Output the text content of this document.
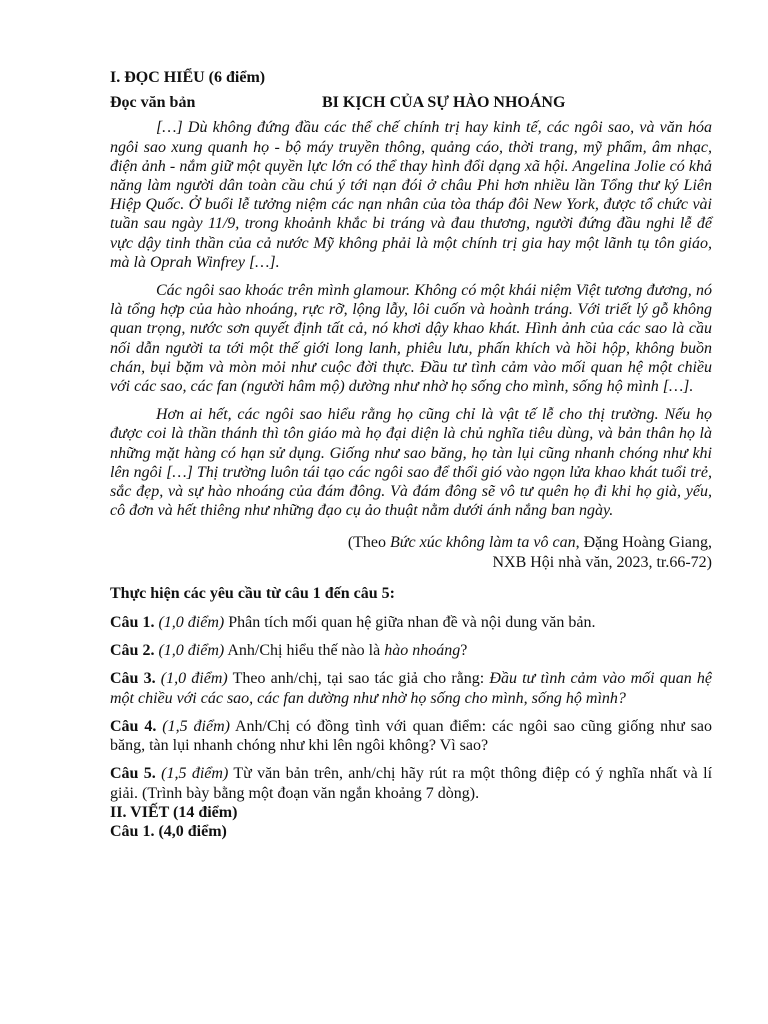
I. ĐỌC HIỂU (6 điểm)

Đọc văn bản	BI KỊCH CỦA SỰ HÀO NHOÁNG

[…] Dù không đứng đầu các thể chế chính trị hay kinh tế, các ngôi sao, và văn hóa ngôi sao xung quanh họ - bộ máy truyền thông, quảng cáo, thời trang, mỹ phẩm, âm nhạc, điện ảnh - nắm giữ một quyền lực lớn có thể thay hình đổi dạng xã hội. Angelina Jolie có khả năng làm người dân toàn cầu chú ý tới nạn đói ở châu Phi hơn nhiều lần Tổng thư ký Liên Hiệp Quốc. Ở buổi lễ tưởng niệm các nạn nhân của tòa tháp đôi New York, được tổ chức vài tuần sau ngày 11/9, trong khoảnh khắc bi tráng và đau thương, người đứng đầu nghi lễ để vực dậy tinh thần của cả nước Mỹ không phải là một chính trị gia hay một lãnh tụ tôn giáo, mà là Oprah Winfrey […].

Các ngôi sao khoác trên mình glamour. Không có một khái niệm Việt tương đương, nó là tổng hợp của hào nhoáng, rực rỡ, lộng lẫy, lôi cuốn và hoành tráng. Với triết lý gỗ không quan trọng, nước sơn quyết định tất cả, nó khơi dậy khao khát. Hình ảnh của các sao là cầu nối dẫn người ta tới một thế giới long lanh, phiêu lưu, phấn khích và hồi hộp, không buồn chán, bụi bặm và mòn mỏi như cuộc đời thực. Đầu tư tình cảm vào mối quan hệ một chiều với các sao, các fan (người hâm mộ) dường như nhờ họ sống cho mình, sống hộ mình […].

Hơn ai hết, các ngôi sao hiểu rằng họ cũng chỉ là vật tế lễ cho thị trường. Nếu họ được coi là thần thánh thì tôn giáo mà họ đại diện là chủ nghĩa tiêu dùng, và bản thân họ là những mặt hàng có hạn sử dụng. Giống như sao băng, họ tàn lụi cũng nhanh chóng như khi lên ngôi […] Thị trường luôn tái tạo các ngôi sao để thổi gió vào ngọn lửa khao khát tuổi trẻ, sắc đẹp, và sự hào nhoáng của đám đông. Và đám đông sẽ vô tư quên họ đi khi họ già, yếu, cô đơn và hết thiêng như những đạo cụ ảo thuật nằm dưới ánh nắng ban ngày.

(Theo Bức xúc không làm ta vô can, Đặng Hoàng Giang,
NXB Hội nhà văn, 2023, tr.66-72)

Thực hiện các yêu cầu từ câu 1 đến câu 5:

Câu 1. (1,0 điểm) Phân tích mối quan hệ giữa nhan đề và nội dung văn bản.

Câu 2. (1,0 điểm) Anh/Chị hiểu thế nào là hào nhoáng?

Câu 3. (1,0 điểm) Theo anh/chị, tại sao tác giả cho rằng: Đầu tư tình cảm vào mối quan hệ một chiều với các sao, các fan dường như nhờ họ sống cho mình, sống hộ mình?

Câu 4. (1,5 điểm) Anh/Chị có đồng tình với quan điểm: các ngôi sao cũng giống như sao băng, tàn lụi nhanh chóng như khi lên ngôi không? Vì sao?

Câu 5. (1,5 điểm) Từ văn bản trên, anh/chị hãy rút ra một thông điệp có ý nghĩa nhất và lí giải. (Trình bày bằng một đoạn văn ngắn khoảng 7 dòng).

II. VIẾT (14 điểm)

Câu 1. (4,0 điểm)
